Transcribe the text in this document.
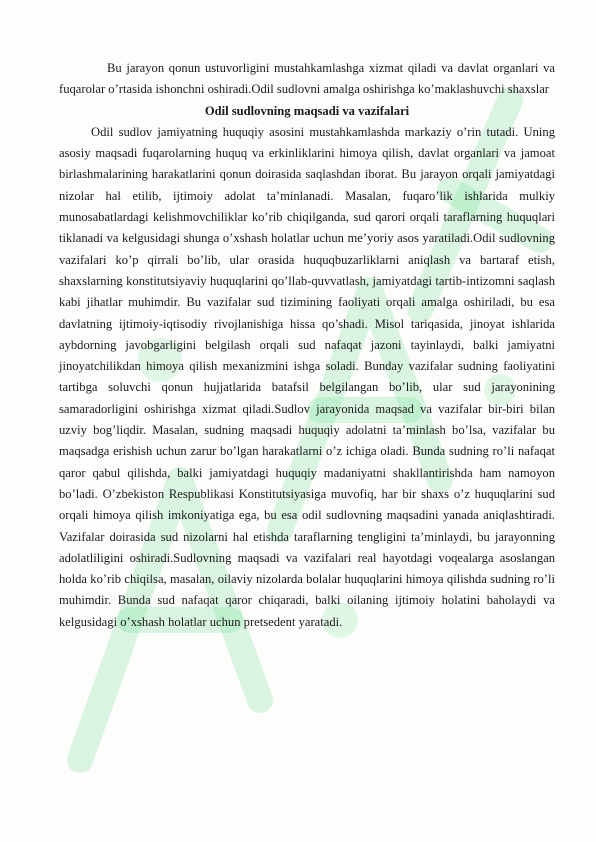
Bu jarayon qonun ustuvorligini mustahkamlashga xizmat qiladi va davlat organlari va fuqarolar o’rtasida ishonchni oshiradi.Odil sudlovni amalga oshirishga ko’maklashuvchi shaxslar

Odil sudlovning maqsadi va vazifalari

Odil sudlov jamiyatning huquqiy asosini mustahkamlashda markaziy o’rin tutadi. Uning asosiy maqsadi fuqarolarning huquq va erkinliklarini himoya qilish, davlat organlari va jamoat birlashmalarining harakatlarini qonun doirasida saqlashdan iborat. Bu jarayon orqali jamiyatdagi nizolar hal etilib, ijtimoiy adolat ta’minlanadi. Masalan, fuqaro’lik ishlarida mulkiy munosabatlardagi kelishmovchiliklar ko’rib chiqilganda, sud qarori orqali taraflarning huquqlari tiklanadi va kelgusidagi shunga o’xshash holatlar uchun me’yoriy asos yaratiladi.Odil sudlovning vazifalari ko’p qirrali bo’lib, ular orasida huquqbuzarliklarni aniqlash va bartaraf etish, shaxslarning konstitutsiyaviy huquqlarini qo’llab-quvvatlash, jamiyatdagi tartib-intizomni saqlash kabi jihatlar muhimdir. Bu vazifalar sud tizimining faoliyati orqali amalga oshiriladi, bu esa davlatning ijtimoiy-iqtisodiy rivojlanishiga hissa qo’shadi. Misol tariqasida, jinoyat ishlarida aybdorning javobgarligini belgilash orqali sud nafaqat jazoni tayinlaydi, balki jamiyatni jinoyatchilikdan himoya qilish mexanizmini ishga soladi. Bunday vazifalar sudning faoliyatini tartibga soluvchi qonun hujjatlarida batafsil belgilangan bo’lib, ular sud jarayonining samaradorligini oshirishga xizmat qiladi.Sudlov jarayonida maqsad va vazifalar bir-biri bilan uzviy bog’liqdir. Masalan, sudning maqsadi huquqiy adolatni ta’minlash bo’lsa, vazifalar bu maqsadga erishish uchun zarur bo’lgan harakatlarni o’z ichiga oladi. Bunda sudning ro’li nafaqat qaror qabul qilishda, balki jamiyatdagi huquqiy madaniyatni shakllantirishda ham namoyon bo’ladi. O’zbekiston Respublikasi Konstitutsiyasiga muvofiq, har bir shaxs o’z huquqlarini sud orqali himoya qilish imkoniyatiga ega, bu esa odil sudlovning maqsadini yanada aniqlashtiradi. Vazifalar doirasida sud nizolarni hal etishda taraflarning tengligini ta’minlaydi, bu jarayonning adolatliligini oshiradi.Sudlovning maqsadi va vazifalari real hayotdagi voqealarga asoslangan holda ko’rib chiqilsa, masalan, oilaviy nizolarda bolalar huquqlarini himoya qilishda sudning ro’li muhimdir. Bunda sud nafaqat qaror chiqaradi, balki oilaning ijtimoiy holatini baholaydi va kelgusidagi o’xshash holatlar uchun pretsedent yaratadi.
